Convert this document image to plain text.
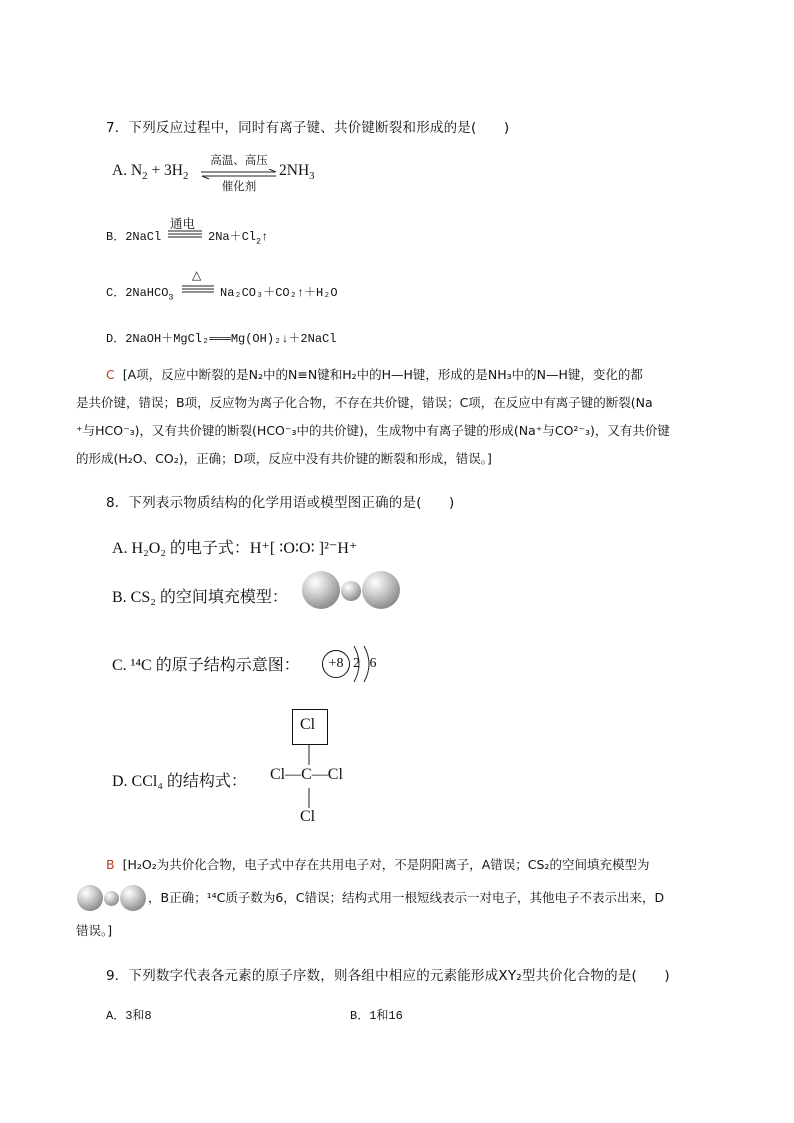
7．下列反应过程中，同时有离子键、共价键断裂和形成的是(　　)
A. $N_2 + 3H_2$
高温、高压
催化剂
$2NH_3$
B．2NaCl
通电
$2Na+Cl_2↑$
C．2NaHCO$_3$
△
Na₂CO₃＋CO₂↑＋H₂O
D．2NaOH＋MgCl₂═══Mg(OH)₂↓＋2NaCl
C [A项，反应中断裂的是N₂中的N≡N键和H₂中的H—H键，形成的是NH₃中的N—H键，变化的都
是共价键，错误；B项，反应物为离子化合物，不存在共价键，错误；C项，在反应中有离子键的断裂(Na
⁺与HCO⁻₃)，又有共价键的断裂(HCO⁻₃中的共价键)，生成物中有离子键的形成(Na⁺与CO²⁻₃)，又有共价键
的形成(H₂O、CO₂)，正确；D项，反应中没有共价键的断裂和形成，错误。]
8．下列表示物质结构的化学用语或模型图正确的是(　　)
A. H₂O₂ 的电子式：H⁺[ ∶O∶O∶ ]²⁻H⁺
B. CS₂ 的空间填充模型：
C. ¹⁴C 的原子结构示意图：	+8 2 6
D. CCl₄ 的结构式：
Cl
Cl—C—Cl
Cl
B [H₂O₂为共价化合物，电子式中存在共用电子对，不是阴阳离子，A错误；CS₂的空间填充模型为
，B正确；¹⁴C质子数为6，C错误；结构式用一根短线表示一对电子，其他电子不表示出来，D
错误。]
9．下列数字代表各元素的原子序数，则各组中相应的元素能形成XY₂型共价化合物的是(　　)
A．3和8	B．1和16
